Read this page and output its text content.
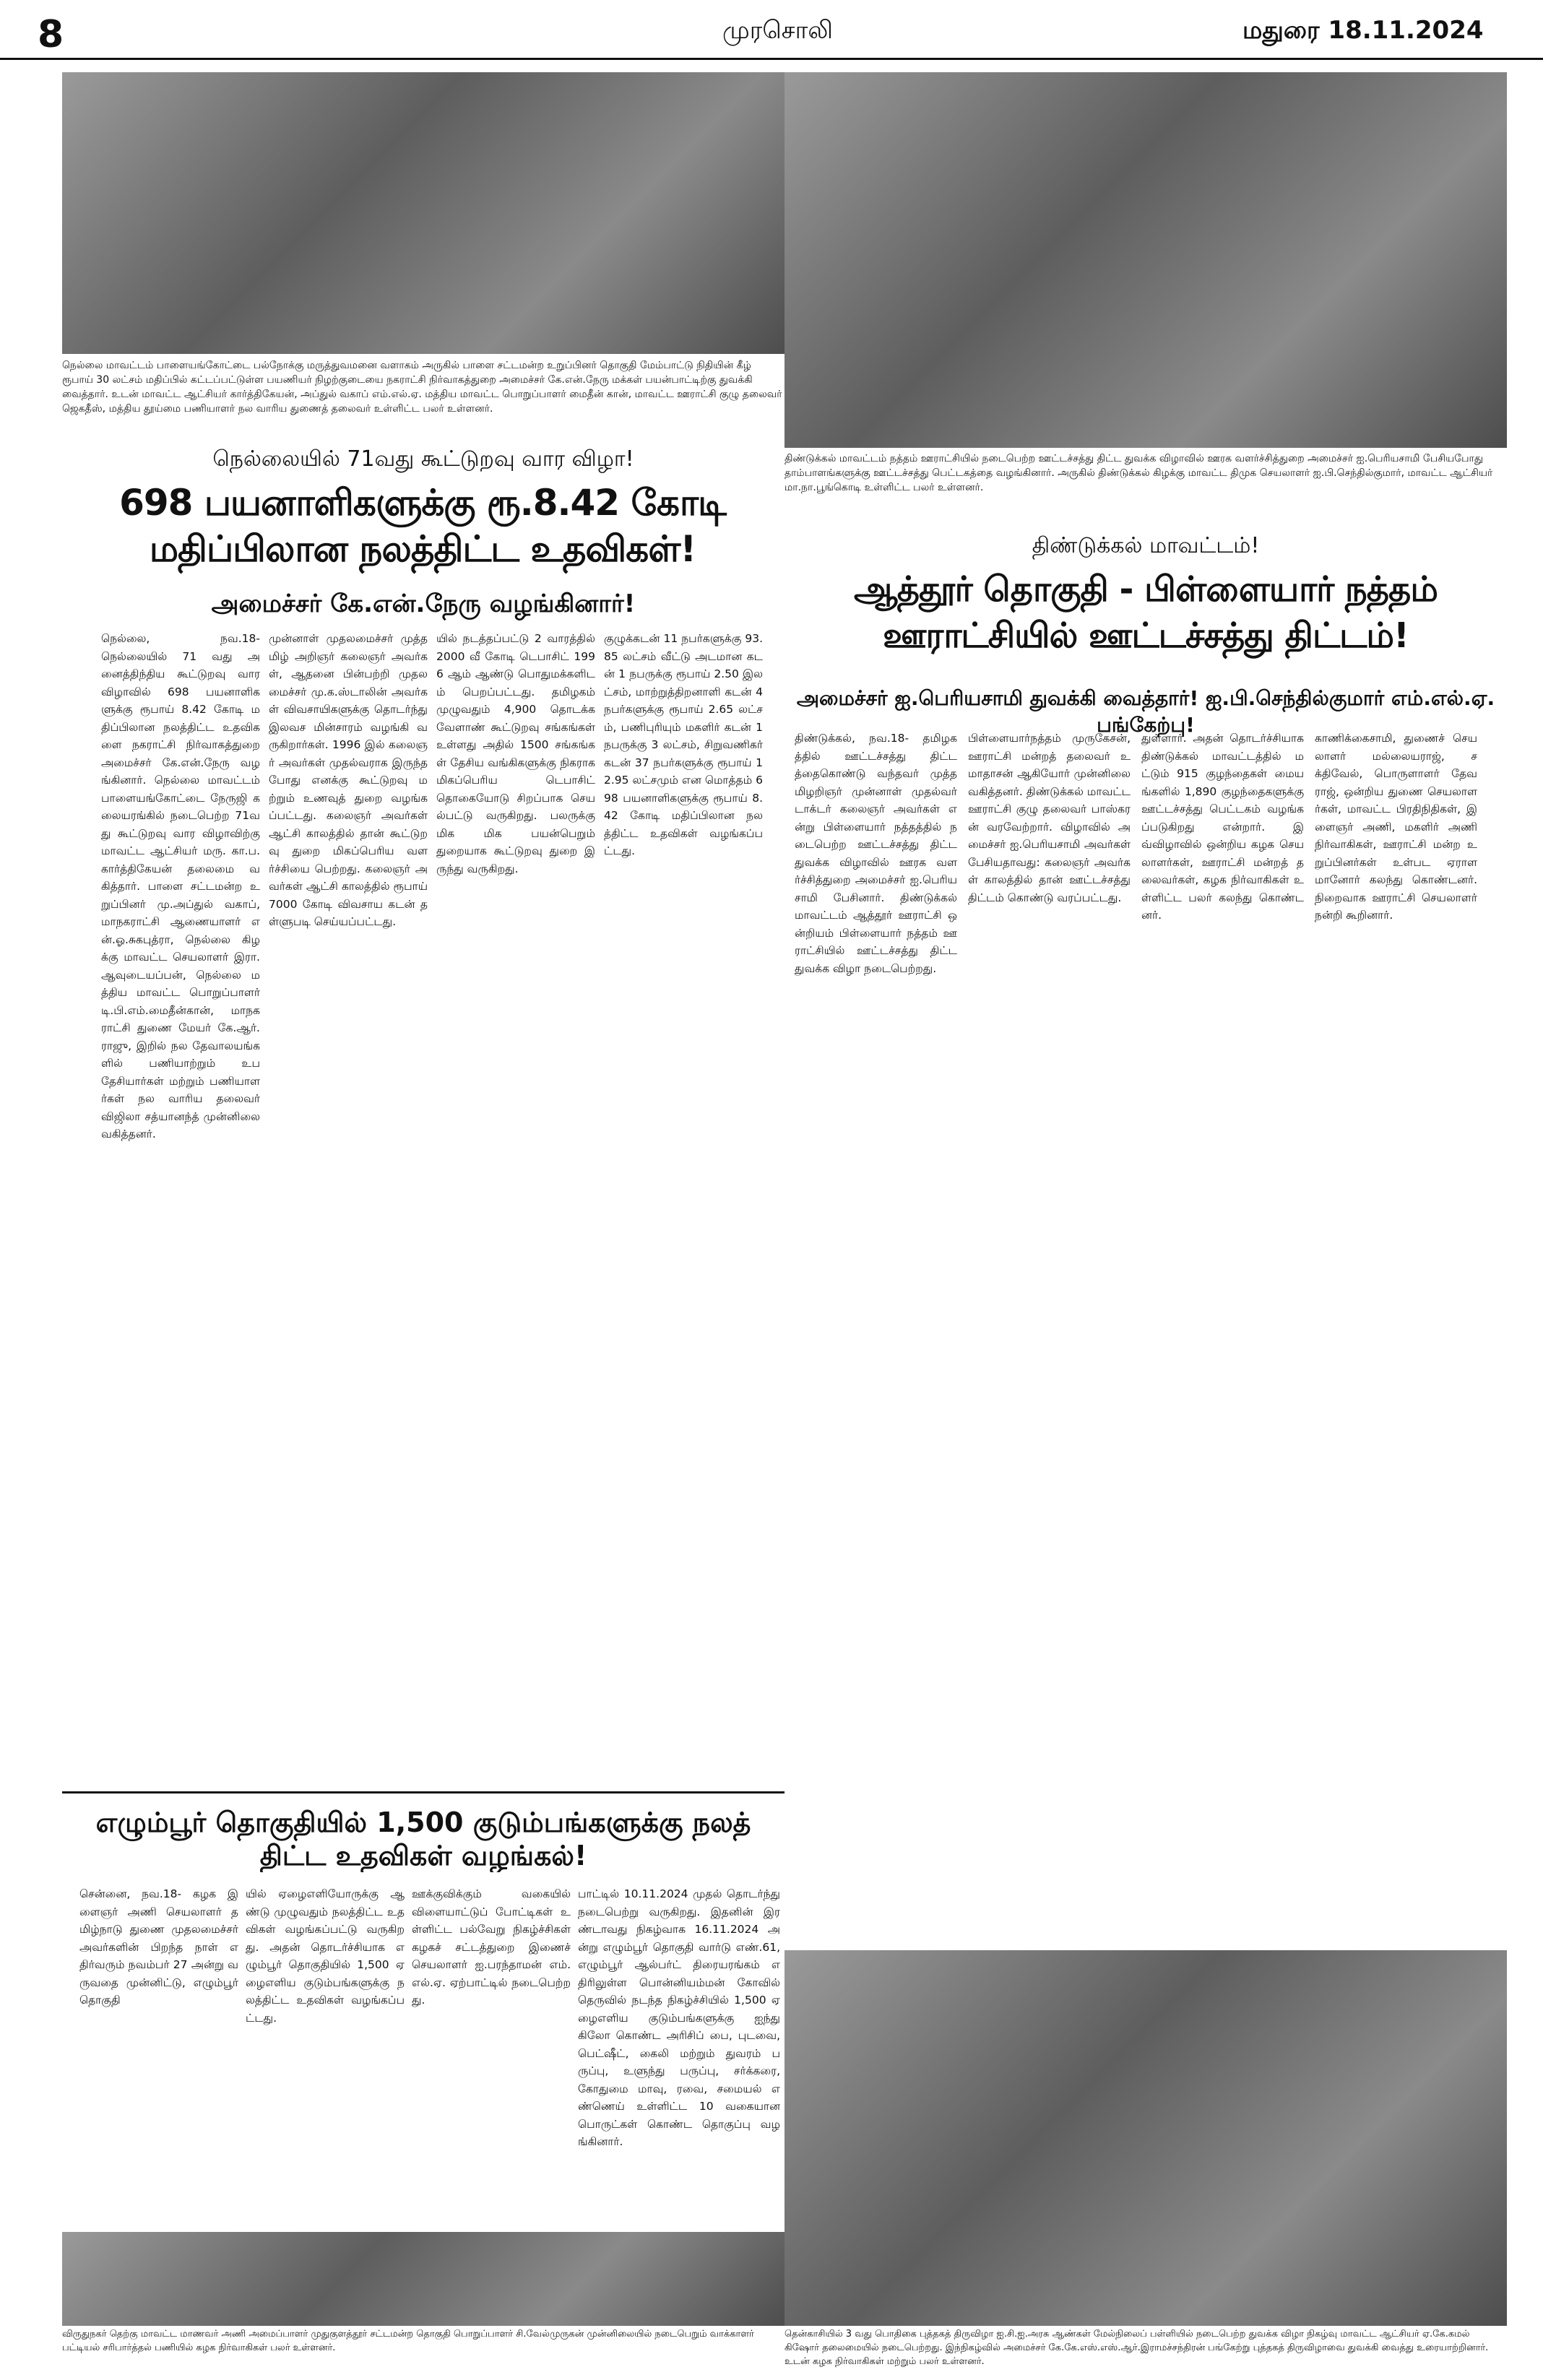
8	முரசொலி	மதுரை 18.11.2024
நெல்லை மாவட்டம் பாளையங்கோட்டை பல்நோக்கு மருத்துவமனை வளாகம் அருகில் பாளை சட்டமன்ற உறுப்பினர் தொகுதி மேம்பாட்டு நிதியின் கீழ் ரூபாய் 30 லட்சம் மதிப்பில் கட்டப்பட்டுள்ள பயணியர் நிழற்குடையை நகராட்சி நிர்வாகத்துறை அமைச்சர் கே.என்.நேரு மக்கள் பயன்பாட்டிற்கு துவக்கி வைத்தார். உடன் மாவட்ட ஆட்சியர் கார்த்திகேயன், அப்துல் வகாப் எம்.எல்.ஏ. மத்திய மாவட்ட பொறுப்பாளர் மைதீன் கான், மாவட்ட ஊராட்சி குழு தலைவர் ஜெகதீஸ், மத்திய தூய்மை பணியாளர் நல வாரிய துணைத் தலைவர் உள்ளிட்ட பலர் உள்ளனர்.
நெல்லையில் 71வது கூட்டுறவு வார விழா!
698 பயனாளிகளுக்கு ரூ.8.42 கோடி மதிப்பிலான நலத்திட்ட உதவிகள்!
அமைச்சர் கே.என்.நேரு வழங்கினார்!
நெல்லை, நவ.18- நெல்லையில் 71 வது அனைத்திந்திய கூட்டுறவு வார விழாவில் 698 பயனாளிகளுக்கு ரூபாய் 8.42 கோடி மதிப்பிலான நலத்திட்ட உதவிகளை நகராட்சி நிர்வாகத்துறை அமைச்சர் கே.என்.நேரு வழங்கினார். நெல்லை மாவட்டம் பாளையங்கோட்டை நேருஜி கலையரங்கில் நடைபெற்ற 71வது கூட்டுறவு வார விழாவிற்கு மாவட்ட ஆட்சியர் மரு. கா.ப.கார்த்திகேயன் தலைமை வகித்தார். பாளை சட்டமன்ற உறுப்பினர் மு.அப்துல் வகாப், மாநகராட்சி ஆணையாளர் என்.ஓ.சுகபுத்ரா, நெல்லை கிழக்கு மாவட்ட செயலாளர் இரா.ஆவுடையப்பன், நெல்லை மத்திய மாவட்ட பொறுப்பாளர் டி.பி.எம்.மைதீன்கான், மாநகராட்சி துணை மேயர் கே.ஆர்.ராஜு, இறில் நல தேவாலயங்களில் பணியாற்றும் உபதேசியார்கள் மற்றும் பணியாளர்கள் நல வாரிய தலைவர் விஜிலா சத்யானந்த் முன்னிலை வகித்தனர்.
முன்னாள் முதலமைச்சர் முத்தமிழ் அறிஞர் கலைஞர் அவர்கள், ஆதனை பின்பற்றி முதலமைச்சர் மு.க.ஸ்டாலின் அவர்கள் விவசாயிகளுக்கு தொடர்ந்து இலவச மின்சாரம் வழங்கி வருகிறார்கள். 1996 இல் கலைஞர் அவர்கள் முதல்வராக இருந்த போது எனக்கு கூட்டுறவு மற்றும் உணவுத் துறை வழங்கப்பட்டது. கலைஞர் அவர்கள் ஆட்சி காலத்தில் தான் கூட்டுறவு துறை மிகப்பெரிய வளர்ச்சியை பெற்றது. கலைஞர் அவர்கள் ஆட்சி காலத்தில் ரூபாய் 7000 கோடி விவசாய கடன் தள்ளுபடி செய்யப்பட்டது.
யில் நடத்தப்பட்டு 2 வாரத்தில் 2000 வீ கோடி டெபாசிட் 1996 ஆம் ஆண்டு பொதுமக்களிடம் பெறப்பட்டது. தமிழகம் முழுவதும் 4,900 தொடக்க வேளாண் கூட்டுறவு சங்கங்கள் உள்ளது அதில் 1500 சங்கங்கள் தேசிய வங்கிகளுக்கு நிகராக மிகப்பெரிய டெபாசிட் தொகையோடு சிறப்பாக செயல்பட்டு வருகிறது. பலருக்கு மிக மிக பயன்பெறும் துறையாக கூட்டுறவு துறை இருந்து வருகிறது.
குழுக்கடன் 11 நபர்களுக்கு 93.85 லட்சம் வீட்டு அடமான கடன் 1 நபருக்கு ரூபாய் 2.50 இலட்சம், மாற்றுத்திறனாளி கடன் 4 நபர்களுக்கு ரூபாய் 2.65 லட்சம், பணிபுரியும் மகளிர் கடன் 1 நபருக்கு 3 லட்சம், சிறுவணிகர் கடன் 37 நபர்களுக்கு ரூபாய் 12.95 லட்சமும் என மொத்தம் 698 பயனாளிகளுக்கு ரூபாய் 8.42 கோடி மதிப்பிலான நலத்திட்ட உதவிகள் வழங்கப்பட்டது.
திண்டுக்கல் மாவட்டம் நத்தம் ஊராட்சியில் நடைபெற்ற ஊட்டச்சத்து திட்ட துவக்க விழாவில் ஊரக வளர்ச்சித்துறை அமைச்சர் ஐ.பெரியசாமி பேசியபோது தாம்பாளங்களுக்கு ஊட்டச்சத்து பெட்டகத்தை வழங்கினார். அருகில் திண்டுக்கல் கிழக்கு மாவட்ட திமுக செயலாளர் ஐ.பி.செந்தில்குமார், மாவட்ட ஆட்சியர் மா.நா.பூங்கொடி உள்ளிட்ட பலர் உள்ளனர்.
திண்டுக்கல் மாவட்டம்!
ஆத்தூர் தொகுதி - பிள்ளையார் நத்தம் ஊராட்சியில் ஊட்டச்சத்து திட்டம்!
அமைச்சர் ஐ.பெரியசாமி துவக்கி வைத்தார்! ஐ.பி.செந்தில்குமார் எம்.எல்.ஏ. பங்கேற்பு!
திண்டுக்கல், நவ.18- தமிழகத்தில் ஊட்டச்சத்து திட்டத்தைகொண்டு வந்தவர் முத்தமிழறிஞர் முன்னாள் முதல்வர் டாக்டர் கலைஞர் அவர்கள் என்று பிள்ளையார் நத்தத்தில் நடைபெற்ற ஊட்டச்சத்து திட்ட துவக்க விழாவில் ஊரக வளர்ச்சித்துறை அமைச்சர் ஐ.பெரியசாமி பேசினார். திண்டுக்கல் மாவட்டம் ஆத்தூர் ஊராட்சி ஒன்றியம் பிள்ளையார் நத்தம் ஊராட்சியில் ஊட்டச்சத்து திட்ட துவக்க விழா நடைபெற்றது.
பிள்ளையார்நத்தம் முருகேசன், ஊராட்சி மன்றத் தலைவர் உமாதாசன் ஆகியோர் முன்னிலை வகித்தனர். திண்டுக்கல் மாவட்ட ஊராட்சி குழு தலைவர் பாஸ்கரன் வரவேற்றார். விழாவில் அமைச்சர் ஐ.பெரியசாமி அவர்கள் பேசியதாவது: கலைஞர் அவர்கள் காலத்தில் தான் ஊட்டச்சத்து திட்டம் கொண்டு வரப்பட்டது.
துள்ளார். அதன் தொடர்ச்சியாக திண்டுக்கல் மாவட்டத்தில் மட்டும் 915 குழந்தைகள் மையங்களில் 1,890 குழந்தைகளுக்கு ஊட்டச்சத்து பெட்டகம் வழங்கப்படுகிறது என்றார். இவ்விழாவில் ஒன்றிய கழக செயலாளர்கள், ஊராட்சி மன்றத் தலைவர்கள், கழக நிர்வாகிகள் உள்ளிட்ட பலர் கலந்து கொண்டனர்.
காணிக்கைசாமி, துணைச் செயலாளர் மல்லையராஜ், சக்திவேல், பொருளாளர் தேவராஜ், ஒன்றிய துணை செயலாளர்கள், மாவட்ட பிரதிநிதிகள், இளைஞர் அணி, மகளிர் அணி நிர்வாகிகள், ஊராட்சி மன்ற உறுப்பினர்கள் உள்பட ஏராளமானோர் கலந்து கொண்டனர். நிறைவாக ஊராட்சி செயலாளர் நன்றி கூறினார்.
எழும்பூர் தொகுதியில் 1,500 குடும்பங்களுக்கு நலத் திட்ட உதவிகள் வழங்கல்!
சென்னை, நவ.18- கழக இளைஞர் அணி செயலாளர் தமிழ்நாடு துணை முதலமைச்சர் அவர்களின் பிறந்த நாள் எதிர்வரும் நவம்பர் 27 அன்று வருவதை முன்னிட்டு, எழும்பூர் தொகுதி
யில் ஏழைஎளியோருக்கு ஆண்டு முழுவதும் நலத்திட்ட உதவிகள் வழங்கப்பட்டு வருகிறது. அதன் தொடர்ச்சியாக எழும்பூர் தொகுதியில் 1,500 ஏழைஎளிய குடும்பங்களுக்கு நலத்திட்ட உதவிகள் வழங்கப்பட்டது.
ஊக்குவிக்கும் வகையில் விளையாட்டுப் போட்டிகள் உள்ளிட்ட பல்வேறு நிகழ்ச்சிகள் கழகச் சட்டத்துறை இணைச் செயலாளர் ஐ.பரந்தாமன் எம்.எல்.ஏ. ஏற்பாட்டில் நடைபெற்றது.
பாட்டில் 10.11.2024 முதல் தொடர்ந்து நடைபெற்று வருகிறது. இதனின் இரண்டாவது நிகழ்வாக 16.11.2024 அன்று எழும்பூர் தொகுதி வார்டு எண்.61, எழும்பூர் ஆல்பர்ட் திரையரங்கம் எதிரிலுள்ள பொன்னியம்மன் கோவில் தெருவில் நடந்த நிகழ்ச்சியில் 1,500 ஏழைஎளிய குடும்பங்களுக்கு ஐந்து கிலோ கொண்ட அரிசிப் பை, புடவை, பெட்ஷீட், கைலி மற்றும் துவரம் பருப்பு, உளுந்து பருப்பு, சர்க்கரை, கோதுமை மாவு, ரவை, சமையல் எண்ணெய் உள்ளிட்ட 10 வகையான பொருட்கள் கொண்ட தொகுப்பு வழங்கினார்.
விருதுநகர் தெற்கு மாவட்ட மாணவர் அணி அமைப்பாளர் முதுகுளத்தூர் சட்டமன்ற தொகுதி பொறுப்பாளர் சி.வேல்முருகன் முன்னிலையில் நடைபெறும் வாக்காளர் பட்டியல் சரிபார்த்தல் பணியில் கழக நிர்வாகிகள் பலர் உள்ளனர்.
தென்காசியில் 3 வது பொதிகை புத்தகத் திருவிழா ஐ.சி.ஐ.அரசு ஆண்கள் மேல்நிலைப் பள்ளியில் நடைபெற்ற துவக்க விழா நிகழ்வு மாவட்ட ஆட்சியர் ஏ.கே.கமல் கிஷோர் தலைமையில் நடைபெற்றது. இந்நிகழ்வில் அமைச்சர் கே.கே.எஸ்.எஸ்.ஆர்.இராமச்சந்திரன் பங்கேற்று புத்தகத் திருவிழாவை துவக்கி வைத்து உரையாற்றினார். உடன் கழக நிர்வாகிகள் மற்றும் பலர் உள்ளனர்.
